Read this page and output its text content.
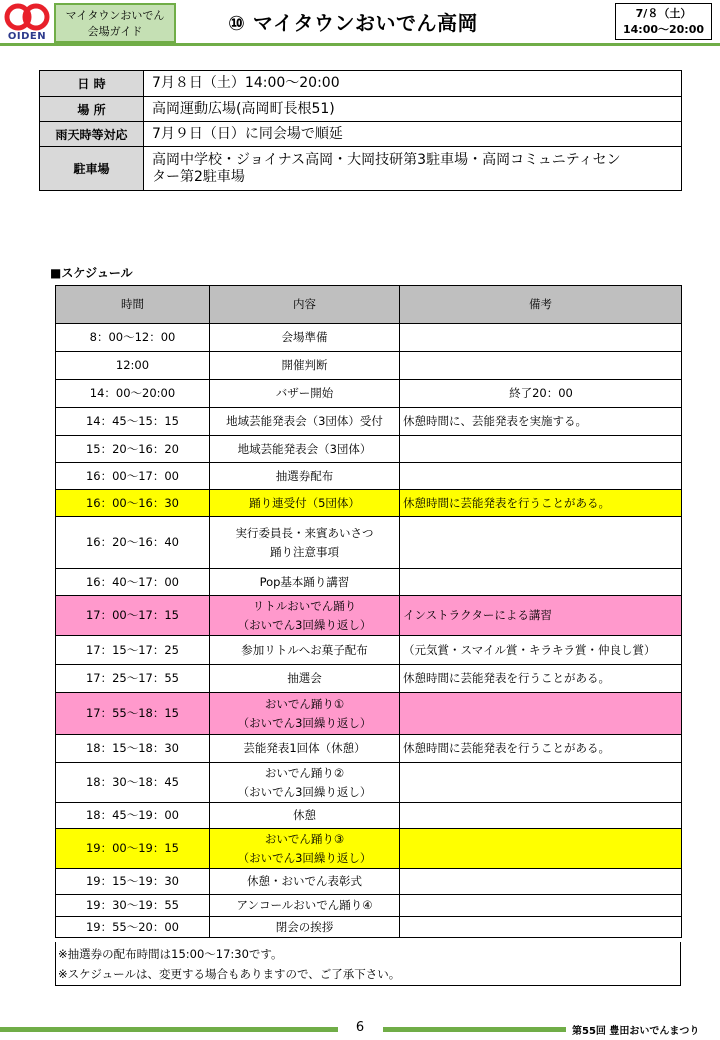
OIDEN
マイタウンおいでん
会場ガイド	⑩ マイタウンおいでん高岡	7/８（土）
14:00～20:00
日 時	7月８日（土）14:00～20:00
場 所	高岡運動広場(高岡町長根51)
雨天時等対応	7月９日（日）に同会場で順延
駐車場	高岡中学校・ジョイナス高岡・大岡技研第3駐車場・高岡コミュニティセン
ター第2駐車場
■スケジュール
時間	内容	備考
8：00～12：00	会場準備	
12:00	開催判断	
14：00～20:00	バザー開始	終了20：00
14：45～15：15	地域芸能発表会（3団体）受付	休憩時間に、芸能発表を実施する。
15：20～16：20	地域芸能発表会（3団体）	
16：00～17：00	抽選券配布	
16：00～16：30	踊り連受付（5団体）	休憩時間に芸能発表を行うことがある。
16：20～16：40	実行委員長・来賓あいさつ
踊り注意事項	

16：40～17：00	Pop基本踊り講習	
17：00～17：15	リトルおいでん踊り
（おいでん3回繰り返し）	インストラクターによる講習
17：15～17：25	参加リトルへお菓子配布	（元気賞・スマイル賞・キラキラ賞・仲良し賞）
17：25～17：55	抽選会	休憩時間に芸能発表を行うことがある。
17：55～18：15	おいでん踊り①
（おいでん3回繰り返し）	

18：15～18：30	芸能発表1回体（休憩）	休憩時間に芸能発表を行うことがある。
18：30～18：45	おいでん踊り②
（おいでん3回繰り返し）	

18：45～19：00	休憩	
19：00～19：15	おいでん踊り③
（おいでん3回繰り返し）	

19：15～19：30	休憩・おいでん表彰式	
19：30～19：55	アンコールおいでん踊り④	
19：55～20：00	閉会の挨拶	
※抽選券の配布時間は15:00～17:30です。
※スケジュールは、変更する場合もありますので、ご了承下さい。
6	第55回 豊田おいでんまつり
